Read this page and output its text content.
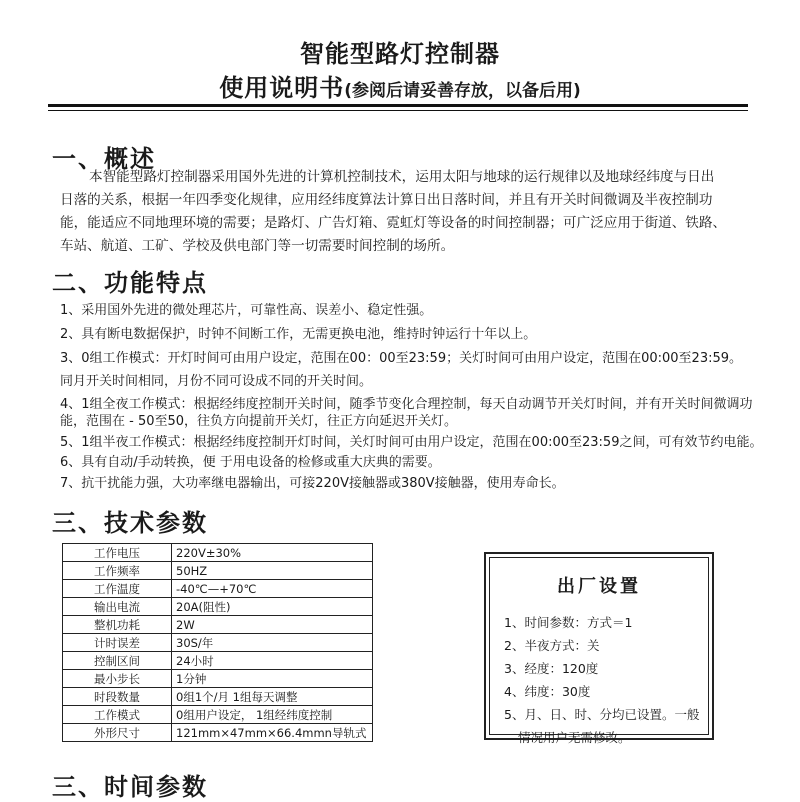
智能型路灯控制器
使用说明书(参阅后请妥善存放，以备后用)
一、概述

本智能型路灯控制器采用国外先进的计算机控制技术，运用太阳与地球的运行规律以及地球经纬度与日出

日落的关系，根据一年四季变化规律，应用经纬度算法计算日出日落时间，并且有开关时间微调及半夜控制功

能，能适应不同地理环境的需要；是路灯、广告灯箱、霓虹灯等设备的时间控制器；可广泛应用于街道、铁路、

车站、航道、工矿、学校及供电部门等一切需要时间控制的场所。

二、功能特点

1、采用国外先进的微处理芯片，可靠性高、误差小、稳定性强。

2、具有断电数据保护，时钟不间断工作，无需更换电池，维持时钟运行十年以上。

3、0组工作模式：开灯时间可由用户设定，范围在00：00至23:59；关灯时间可由用户设定，范围在00:00至23:59。

同月开关时间相同，月份不同可设成不同的开关时间。

4、1组全夜工作模式：根据经纬度控制开关时间，随季节变化合理控制，每天自动调节开关灯时间，并有开关时间微调功

能，范围在 - 50至50，往负方向提前开关灯，往正方向延迟开关灯。

5、1组半夜工作模式：根据经纬度控制开灯时间，关灯时间可由用户设定，范围在00:00至23:59之间，可有效节约电能。

6、具有自动/手动转换，便 于用电设备的检修或重大庆典的需要。

7、抗干扰能力强，大功率继电器输出，可接220V接触器或380V接触器，使用寿命长。

三、技术参数
工作电压	220V±30%
工作频率	50HZ
工作温度	-40℃—+70℃
输出电流	20A(阻性)
整机功耗	2W
计时误差	30S/年
控制区间	24小时
最小步长	1分钟
时段数量	0组1个/月 1组每天调整
工作模式	0组用户设定， 1组经纬度控制
外形尺寸	121mm×47mm×66.4mmn导轨式
出厂设置

1、时间参数：方式＝1

2、半夜方式：关

3、经度：120度

4、纬度：30度

5、月、日、时、分均已设置。一般

情况用户无需修改。

三、时间参数
